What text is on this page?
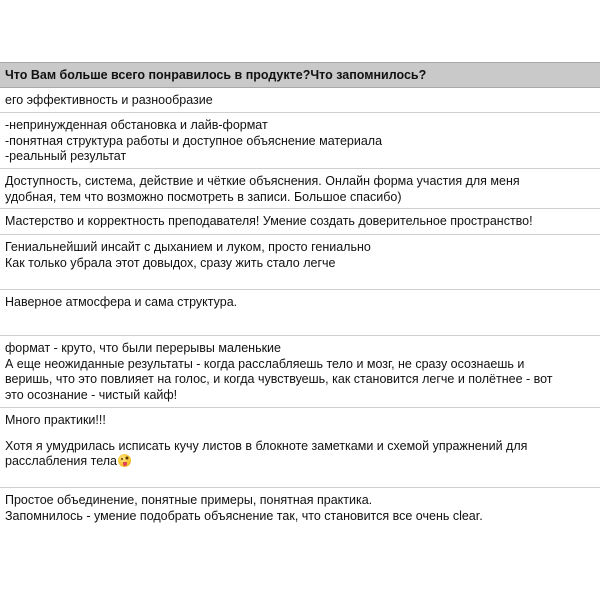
Что Вам больше всего понравилось в продукте?Что запомнилось?
его эффективность и разнообразие
-непринужденная обстановка и лайв-формат
-понятная структура работы и доступное объяснение материала
-реальный результат
Доступность, система, действие и чёткие объяснения. Онлайн форма участия для меня
удобная, тем что возможно посмотреть в записи. Большое спасибо)
Мастерство и корректность преподавателя! Умение создать доверительное пространство!
Гениальнейший инсайт с дыханием и луком, просто гениально
Как только убрала этот довыдох, сразу жить стало легче
Наверное атмосфера и сама структура.
формат - круто, что были перерывы маленькие
А еще неожиданные результаты - когда расслабляешь тело и мозг, не сразу осознаешь и
веришь, что это повлияет на голос, и когда чувствуешь, как становится легче и полётнее - вот
это осознание - чистый кайф!
Много практики!!!
Хотя я умудрилась исписать кучу листов в блокноте заметками и схемой упражнений для
расслабления тела
Простое объединение, понятные примеры, понятная практика.
Запомнилось - умение подобрать объяснение так, что становится все очень clear.
